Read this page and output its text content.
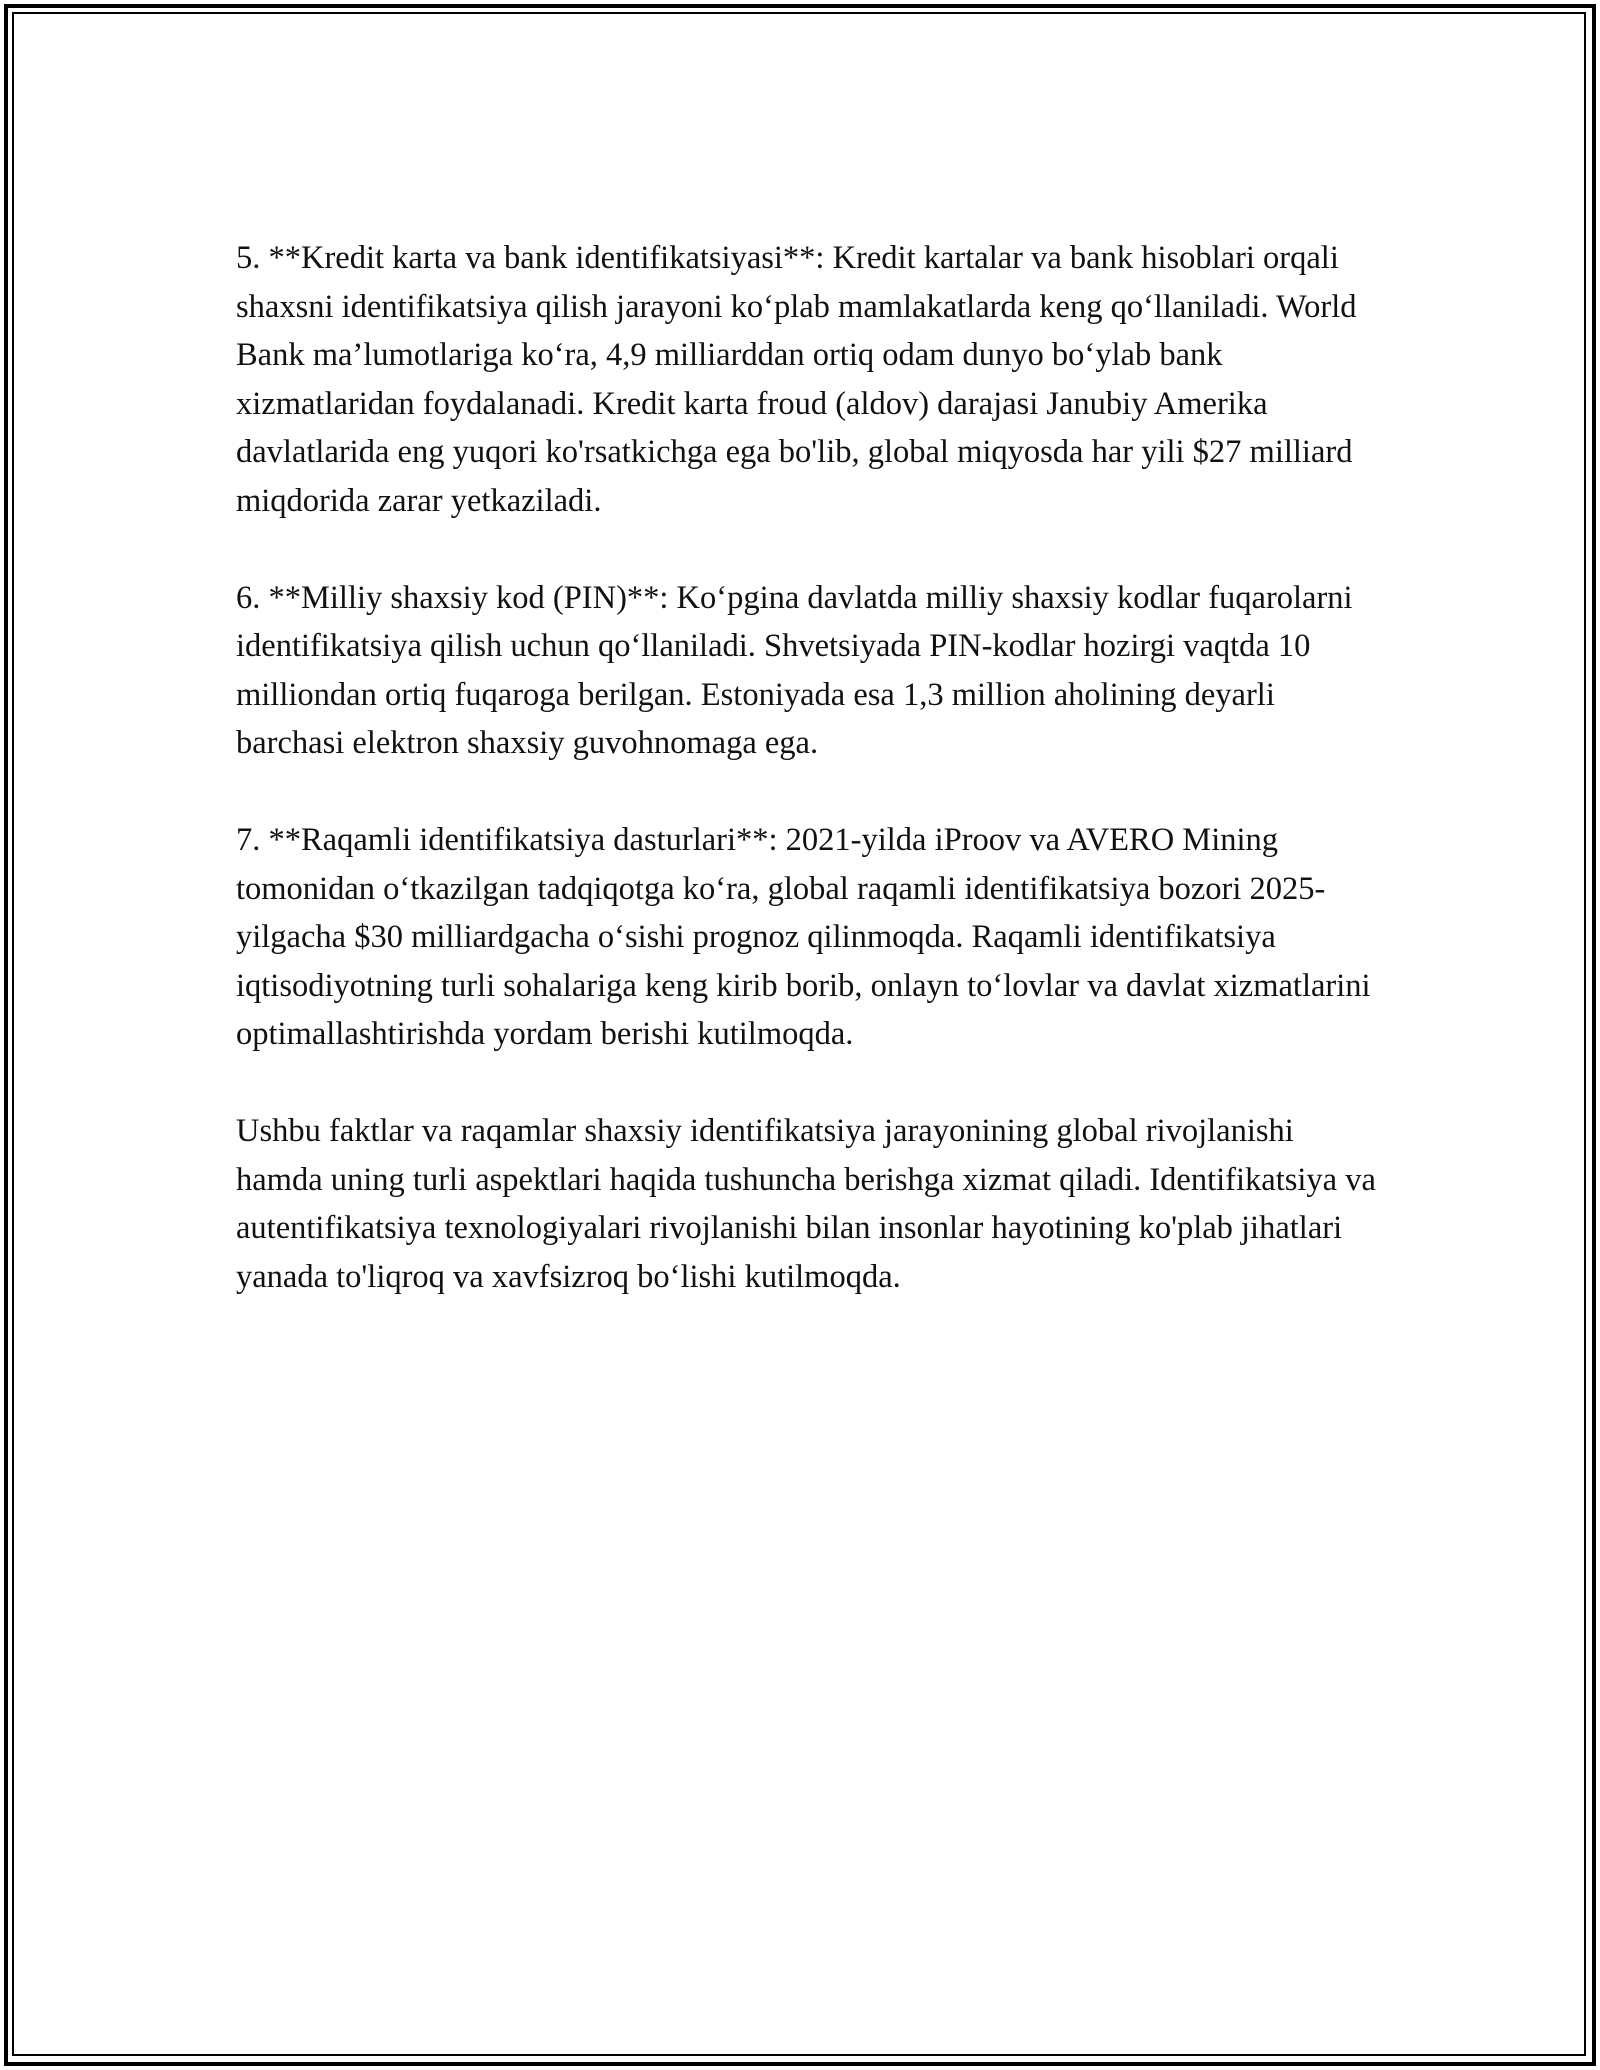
5. **Kredit karta va bank identifikatsiyasi**: Kredit kartalar va bank hisoblari orqali shaxsni identifikatsiya qilish jarayoni koʻplab mamlakatlarda keng qoʻllaniladi. World Bank ma’lumotlariga koʻra, 4,9 milliarddan ortiq odam dunyo boʻylab bank xizmatlaridan foydalanadi. Kredit karta froud (aldov) darajasi Janubiy Amerika davlatlarida eng yuqori ko'rsatkichga ega bo'lib, global miqyosda har yili $27 milliard miqdorida zarar yetkaziladi.

6. **Milliy shaxsiy kod (PIN)**: Koʻpgina davlatda milliy shaxsiy kodlar fuqarolarni identifikatsiya qilish uchun qoʻllaniladi. Shvetsiyada PIN-kodlar hozirgi vaqtda 10 milliondan ortiq fuqaroga berilgan. Estoniyada esa 1,3 million aholining deyarli barchasi elektron shaxsiy guvohnomaga ega.

7. **Raqamli identifikatsiya dasturlari**: 2021-yilda iProov va AVERO Mining tomonidan oʻtkazilgan tadqiqotga koʻra, global raqamli identifikatsiya bozori 2025-yilgacha $30 milliardgacha oʻsishi prognoz qilinmoqda. Raqamli identifikatsiya iqtisodiyotning turli sohalariga keng kirib borib, onlayn toʻlovlar va davlat xizmatlarini optimallashtirishda yordam berishi kutilmoqda.

Ushbu faktlar va raqamlar shaxsiy identifikatsiya jarayonining global rivojlanishi hamda uning turli aspektlari haqida tushuncha berishga xizmat qiladi. Identifikatsiya va autentifikatsiya texnologiyalari rivojlanishi bilan insonlar hayotining ko'plab jihatlari yanada to'liqroq va xavfsizroq boʻlishi kutilmoqda.
